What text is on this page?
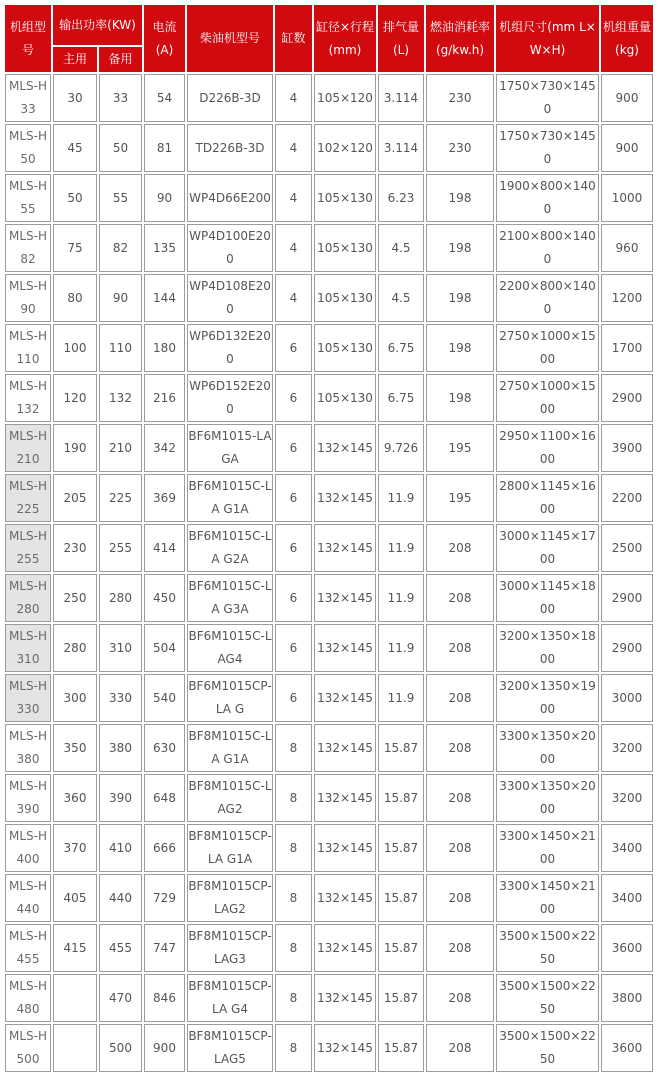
机组型号	输出功率(KW)		电流(A)	柴油机型号	缸数	缸径×行程(mm)	排气量 (L)	燃油消耗率(g/kw.h)	机组尺寸(mm L×W×H)	机组重量(kg)
	主用	备用								
MLS-H33	30	33	54	D226B-3D	4	105×120	3.114	230	1750×730×1450	900
MLS-H50	45	50	81	TD226B-3D	4	102×120	3.114	230	1750×730×1450	900
MLS-H55	50	55	90	WP4D66E200	4	105×130	6.23	198	1900×800×1400	1000
MLS-H82	75	82	135	WP4D100E200	4	105×130	4.5	198	2100×800×1400	960
MLS-H90	80	90	144	WP4D108E200	4	105×130	4.5	198	2200×800×1400	1200
MLS-H110	100	110	180	WP6D132E200	6	105×130	6.75	198	2750×1000×1500	1700
MLS-H132	120	132	216	WP6D152E200	6	105×130	6.75	198	2750×1000×1500	2900
MLS-H210	190	210	342	BF6M1015-LA GA	6	132×145	9.726	195	2950×1100×1600	3900
MLS-H225	205	225	369	BF6M1015C-LA G1A	6	132×145	11.9	195	2800×1145×1600	2200
MLS-H255	230	255	414	BF6M1015C-LA G2A	6	132×145	11.9	208	3000×1145×1700	2500
MLS-H280	250	280	450	BF6M1015C-LA G3A	6	132×145	11.9	208	3000×1145×1800	2900
MLS-H310	280	310	504	BF6M1015C-LAG4	6	132×145	11.9	208	3200×1350×1800	2900
MLS-H330	300	330	540	BF6M1015CP-LA G	6	132×145	11.9	208	3200×1350×1900	3000
MLS-H380	350	380	630	BF8M1015C-LA G1A	8	132×145	15.87	208	3300×1350×2000	3200
MLS-H390	360	390	648	BF8M1015C-LAG2	8	132×145	15.87	208	3300×1350×2000	3200
MLS-H400	370	410	666	BF8M1015CP-LA G1A	8	132×145	15.87	208	3300×1450×2100	3400
MLS-H440	405	440	729	BF8M1015CP-LAG2	8	132×145	15.87	208	3300×1450×2100	3400
MLS-H455	415	455	747	BF8M1015CP-LAG3	8	132×145	15.87	208	3500×1500×2250	3600
MLS-H480		470	846	BF8M1015CP-LA G4	8	132×145	15.87	208	3500×1500×2250	3800
MLS-H500		500	900	BF8M1015CP-LAG5	8	132×145	15.87	208	3500×1500×2250	3600
